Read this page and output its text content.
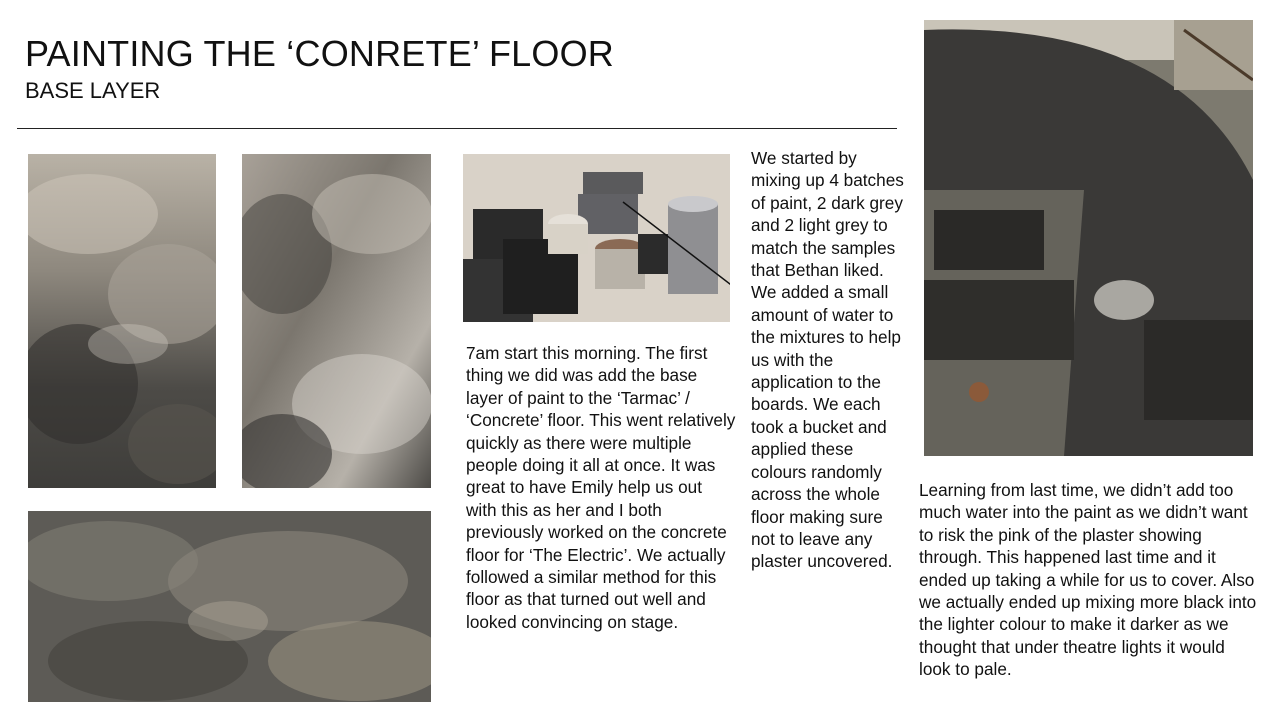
PAINTING THE ‘CONRETE’ FLOOR
BASE LAYER

7am start this morning. The first thing we did was add the base layer of paint to the ‘Tarmac’ / ‘Concrete’ floor. This went relatively quickly as there were multiple people doing it all at once. It was great to have Emily help us out with this as her and I both previously worked on the concrete floor for ‘The Electric’. We actually followed a similar method for this floor as that turned out well and looked convincing on stage.

We started by mixing up 4 batches of paint, 2 dark grey and 2 light grey to match the samples that Bethan liked. We added a small amount of water to the mixtures to help us with the application to the boards. We each took a bucket and applied these colours randomly across the whole floor making sure not to leave any plaster uncovered.

Learning from last time, we didn’t add too much water into the paint as we didn’t want to risk the pink of the plaster showing through. This happened last time and it ended up taking a while for us to cover. Also we actually ended up mixing more black into the lighter colour to make it darker as we thought that under theatre lights it would look to pale.
